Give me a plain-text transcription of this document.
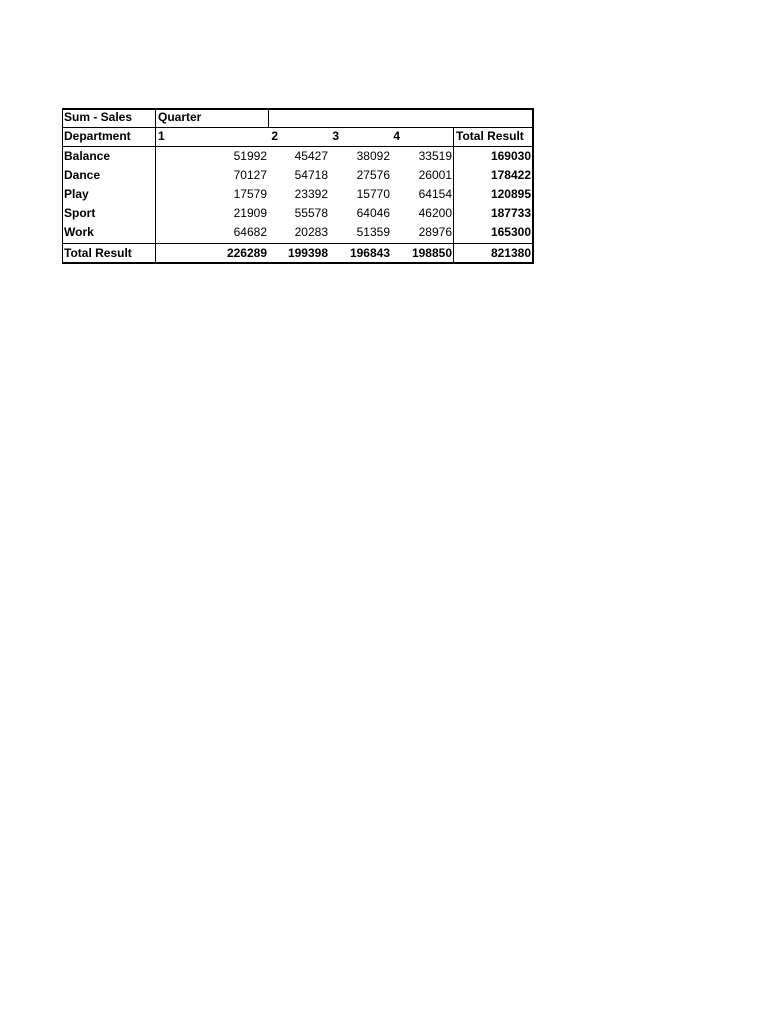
Sum - Sales	Quarter
Department	1	2	3	4	Total Result
Balance	51992	45427	38092	33519	169030
Dance	70127	54718	27576	26001	178422
Play	17579	23392	15770	64154	120895
Sport	21909	55578	64046	46200	187733
Work	64682	20283	51359	28976	165300
Total Result	226289	199398	196843	198850	821380
